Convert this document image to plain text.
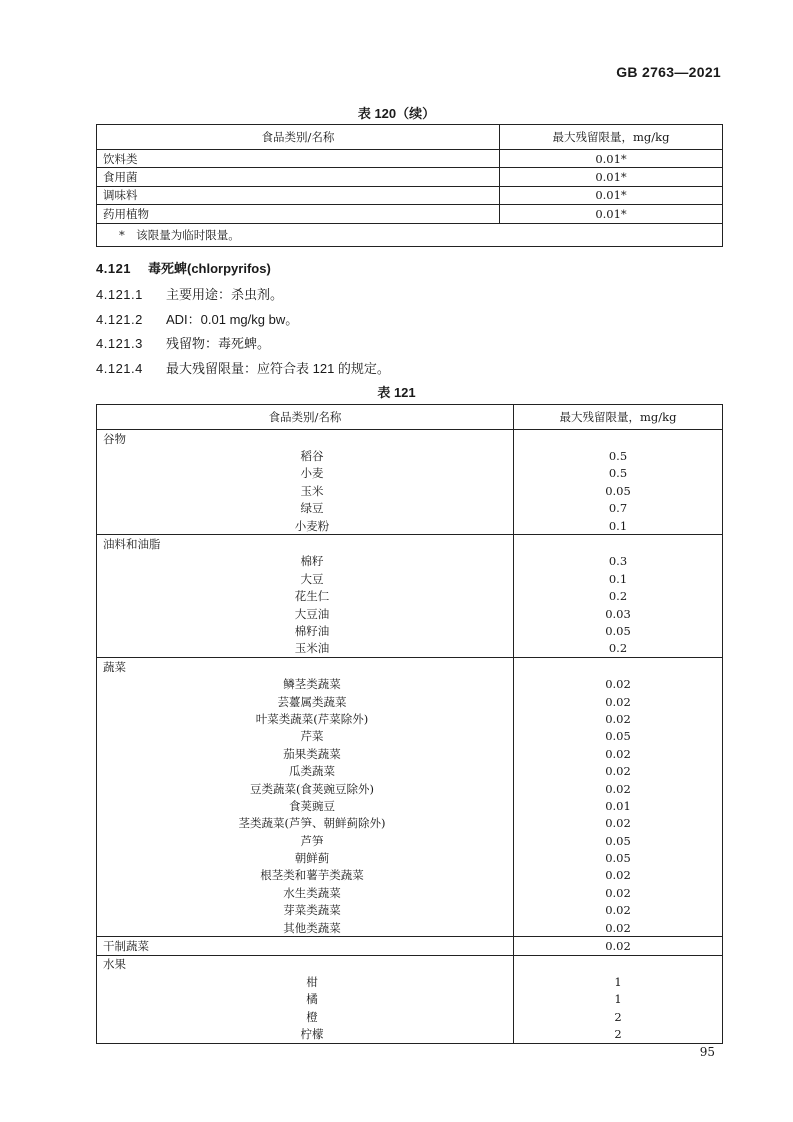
GB 2763—2021
表 120（续）
食品类别/名称	最大残留限量，mg/kg
饮料类	0.01*
食用菌	0.01*
调味料	0.01*
药用植物	0.01*
*　该限量为临时限量。	
4.121 毒死蜱(chlorpyrifos)
4.121.1 主要用途：杀虫剂。
4.121.2 ADI：0.01 mg/kg bw。
4.121.3 残留物：毒死蜱。
4.121.4 最大残留限量：应符合表 121 的规定。
表 121
食品类别/名称	最大残留限量，mg/kg
谷物	
稻谷	0.5
小麦	0.5
玉米	0.05
绿豆	0.7
小麦粉	0.1
油料和油脂	
棉籽	0.3
大豆	0.1
花生仁	0.2
大豆油	0.03
棉籽油	0.05
玉米油	0.2
蔬菜	
鳞茎类蔬菜	0.02
芸薹属类蔬菜	0.02
叶菜类蔬菜(芹菜除外)	0.02
芹菜	0.05
茄果类蔬菜	0.02
瓜类蔬菜	0.02
豆类蔬菜(食荚豌豆除外)	0.02
食荚豌豆	0.01
茎类蔬菜(芦笋、朝鲜蓟除外)	0.02
芦笋	0.05
朝鲜蓟	0.05
根茎类和薯芋类蔬菜	0.02
水生类蔬菜	0.02
芽菜类蔬菜	0.02
其他类蔬菜	0.02
干制蔬菜	0.02
水果	
柑	1
橘	1
橙	2
柠檬	2
95
